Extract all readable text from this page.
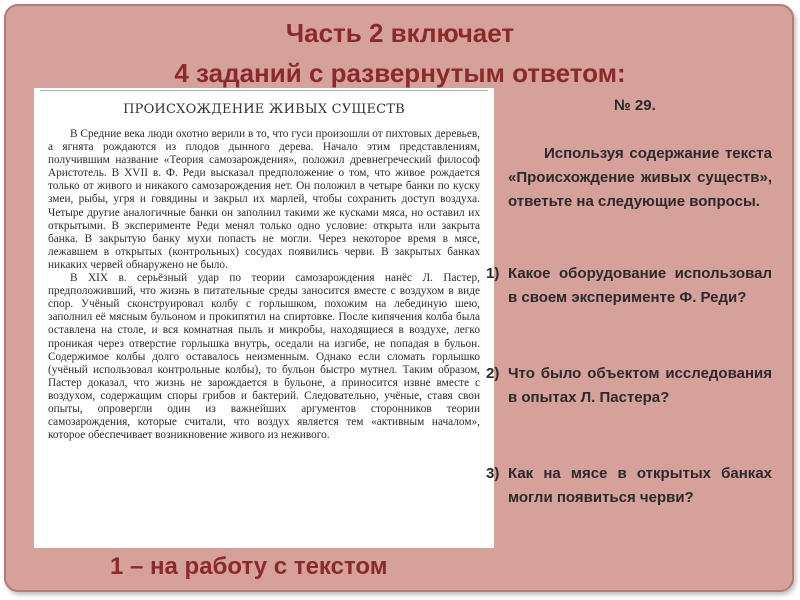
Часть 2 включает
4 заданий с развернутым ответом:
ПРОИСХОЖДЕНИЕ ЖИВЫХ СУЩЕСТВ

В Средние века люди охотно верили в то, что гуси произошли от пихтовых деревьев, а ягнята рождаются из плодов дынного дерева. Начало этим представлениям, получившим название «Теория самозарождения», положил древнегреческий философ Аристотель. В XVII в. Ф. Реди высказал предположение о том, что живое рождается только от живого и никакого самозарождения нет. Он положил в четыре банки по куску змеи, рыбы, угря и говядины и закрыл их марлей, чтобы сохранить доступ воздуха. Четыре другие аналогичные банки он заполнил такими же кусками мяса, но оставил их открытыми. В эксперименте Реди менял только одно условие: открыта или закрыта банка. В закрытую банку мухи попасть не могли. Через некоторое время в мясе, лежавшем в открытых (контрольных) сосудах появились черви. В закрытых банках никаких червей обнаружено не было.

В XIX в. серьёзный удар по теории самозарождения нанёс Л. Пастер, предположивший, что жизнь в питательные среды заносится вместе с воздухом в виде спор. Учёный сконструировал колбу с горлышком, похожим на лебединую шею, заполнил её мясным бульоном и прокипятил на спиртовке. После кипячения колба была оставлена на столе, и вся комнатная пыль и микробы, находящиеся в воздухе, легко проникая через отверстие горлышка внутрь, оседали на изгибе, не попадая в бульон. Содержимое колбы долго оставалось неизменным. Однако если сломать горлышко (учёный использовал контрольные колбы), то бульон быстро мутнел. Таким образом, Пастер доказал, что жизнь не зарождается в бульоне, а приносится извне вместе с воздухом, содержащим споры грибов и бактерий. Следовательно, учёные, ставя свои опыты, опровергли один из важнейших аргументов сторонников теории самозарождения, которые считали, что воздух является тем «активным началом», которое обеспечивает возникновение живого из неживого.

№ 29.
Используя содержание текста «Происхождение живых существ», ответьте на следующие вопросы.
1) Какое оборудование использовал в своем эксперименте Ф. Реди?
2) Что было объектом исследования в опытах Л. Пастера?
3) Как на мясе в открытых банках могли появиться черви?
1 – на работу с текстом
